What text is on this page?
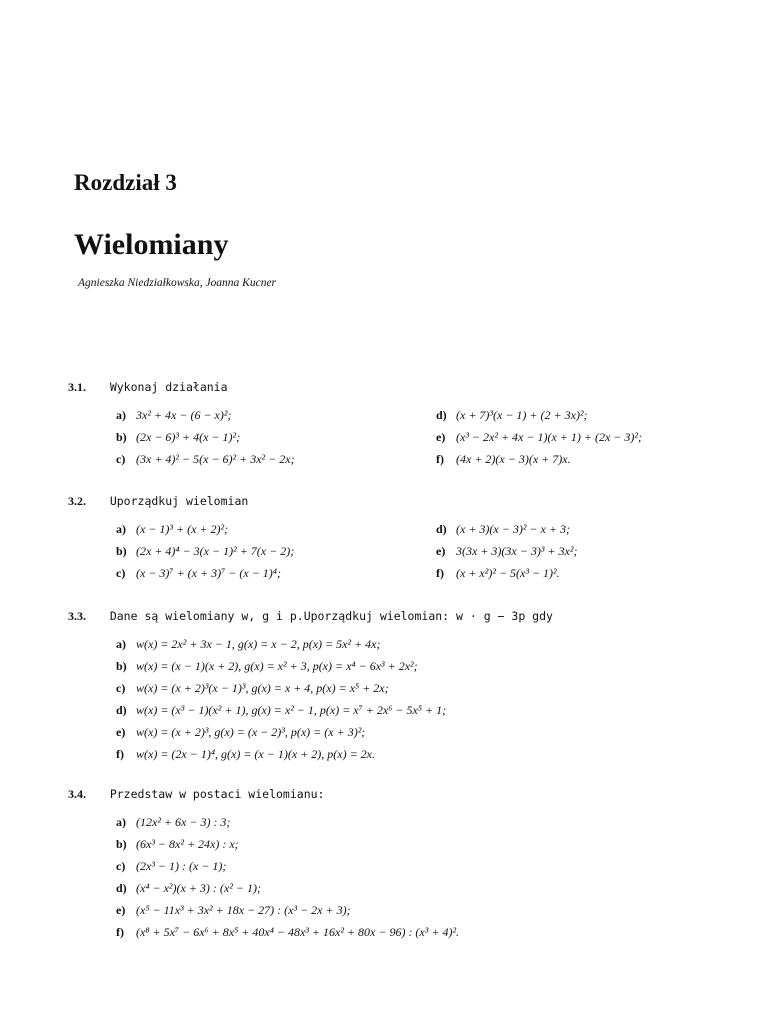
Rozdział 3
Wielomiany
Agnieszka Niedziałkowska, Joanna Kucner
3.1. Wykonaj działania
a) 3x² + 4x − (6 − x)²;
b) (2x − 6)³ + 4(x − 1)²;
c) (3x + 4)² − 5(x − 6)² + 3x² − 2x;
d) (x + 7)³(x − 1) + (2 + 3x)²;
e) (x³ − 2x² + 4x − 1)(x + 1) + (2x − 3)²;
f) (4x + 2)(x − 3)(x + 7)x.
3.2. Uporządkuj wielomian
a) (x − 1)³ + (x + 2)²;
b) (2x + 4)⁴ − 3(x − 1)² + 7(x − 2);
c) (x − 3)⁷ + (x + 3)⁷ − (x − 1)⁴;
d) (x + 3)(x − 3)² − x + 3;
e) 3(3x + 3)(3x − 3)³ + 3x²;
f) (x + x²)² − 5(x³ − 1)².
3.3. Dane są wielomiany w, g i p.Uporządkuj wielomian: w · g − 3p gdy
a) w(x) = 2x² + 3x − 1, g(x) = x − 2, p(x) = 5x² + 4x;
b) w(x) = (x − 1)(x + 2), g(x) = x² + 3, p(x) = x⁴ − 6x³ + 2x²;
c) w(x) = (x + 2)³(x − 1)³, g(x) = x + 4, p(x) = x⁵ + 2x;
d) w(x) = (x³ − 1)(x² + 1), g(x) = x² − 1, p(x) = x⁷ + 2x⁶ − 5x⁵ + 1;
e) w(x) = (x + 2)³, g(x) = (x − 2)³, p(x) = (x + 3)²;
f) w(x) = (2x − 1)⁴, g(x) = (x − 1)(x + 2), p(x) = 2x.
3.4. Przedstaw w postaci wielomianu:
a) (12x² + 6x − 3) : 3;
b) (6x³ − 8x² + 24x) : x;
c) (2x³ − 1) : (x − 1);
d) (x⁴ − x²)(x + 3) : (x² − 1);
e) (x⁵ − 11x³ + 3x² + 18x − 27) : (x³ − 2x + 3);
f) (x⁸ + 5x⁷ − 6x⁶ + 8x⁵ + 40x⁴ − 48x³ + 16x² + 80x − 96) : (x³ + 4)².
